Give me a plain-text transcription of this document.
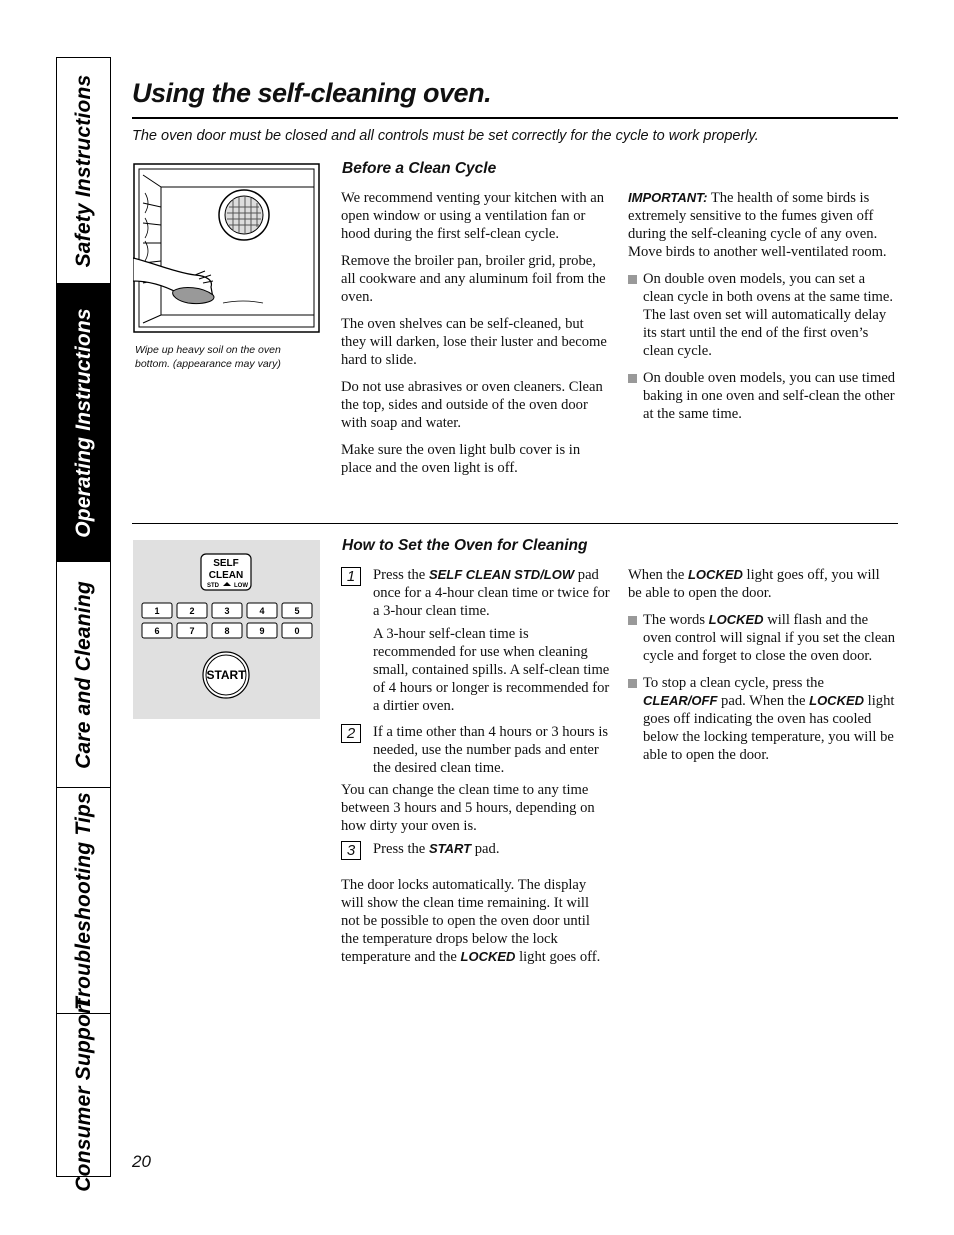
Safety Instructions
Operating Instructions
Care and Cleaning
Troubleshooting Tips
Consumer Support
Using the self-cleaning oven.
The oven door must be closed and all controls must be set correctly for the cycle to work properly.
Wipe up heavy soil on the oven bottom. (appearance may vary)
Before a Clean Cycle

We recommend venting your kitchen with an open window or using a ventilation fan or hood during the first self-clean cycle.

Remove the broiler pan, broiler grid, probe, all cookware and any aluminum foil from the oven.

The oven shelves can be self-cleaned, but they will darken, lose their luster and become hard to slide.

Do not use abrasives or oven cleaners. Clean the top, sides and outside of the oven door with soap and water.

Make sure the oven light bulb cover is in place and the oven light is off.

IMPORTANT: The health of some birds is extremely sensitive to the fumes given off during the self-cleaning cycle of any oven. Move birds to another well-ventilated room.

On double oven models, you can set a clean cycle in both ovens at the same time. The last oven set will automatically delay its start until the end of the first oven’s clean cycle.

On double oven models, you can use timed baking in one oven and self-clean the other at the same time.

SELF
CLEAN
STD	LOW
1	2	3	4	5
6	7	8	9	0
START
How to Set the Oven for Cleaning
1	Press the SELF CLEAN STD/LOW pad once for a 4-hour clean time or twice for a 3-hour clean time.
A 3-hour self-clean time is recommended for use when cleaning small, contained spills. A self-clean time of 4 hours or longer is recommended for a dirtier oven.
2	If a time other than 4 hours or 3 hours is needed, use the number pads and enter the desired clean time.

You can change the clean time to any time between 3 hours and 5 hours, depending on how dirty your oven is.

3	Press the START pad.

The door locks automatically. The display will show the clean time remaining. It will not be possible to open the oven door until the temperature drops below the lock temperature and the LOCKED light goes off.

When the LOCKED light goes off, you will be able to open the door.

The words LOCKED will flash and the oven control will signal if you set the clean cycle and forget to close the oven door.

To stop a clean cycle, press the CLEAR/OFF pad. When the LOCKED light goes off indicating the oven has cooled below the locking temperature, you will be able to open the door.

20
